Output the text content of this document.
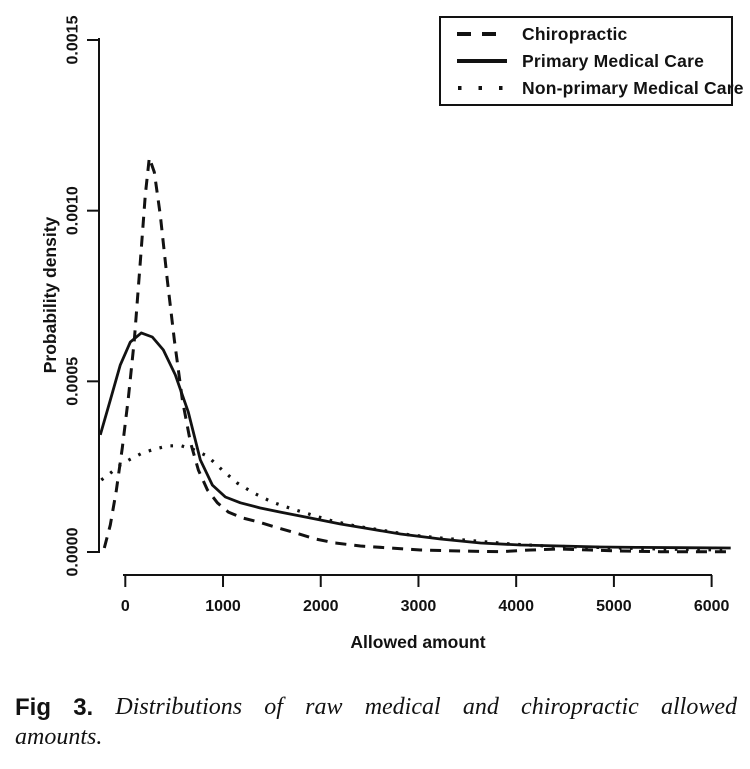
0.0000
0.0005
0.0010
0.0015
Probability density
0	1000	2000	3000	4000	5000	6000
Allowed amount
Chiropractic
Primary Medical Care
Non-primary Medical Care
Fig 3. Distributions of raw medical and chiropractic allowed
amounts.
